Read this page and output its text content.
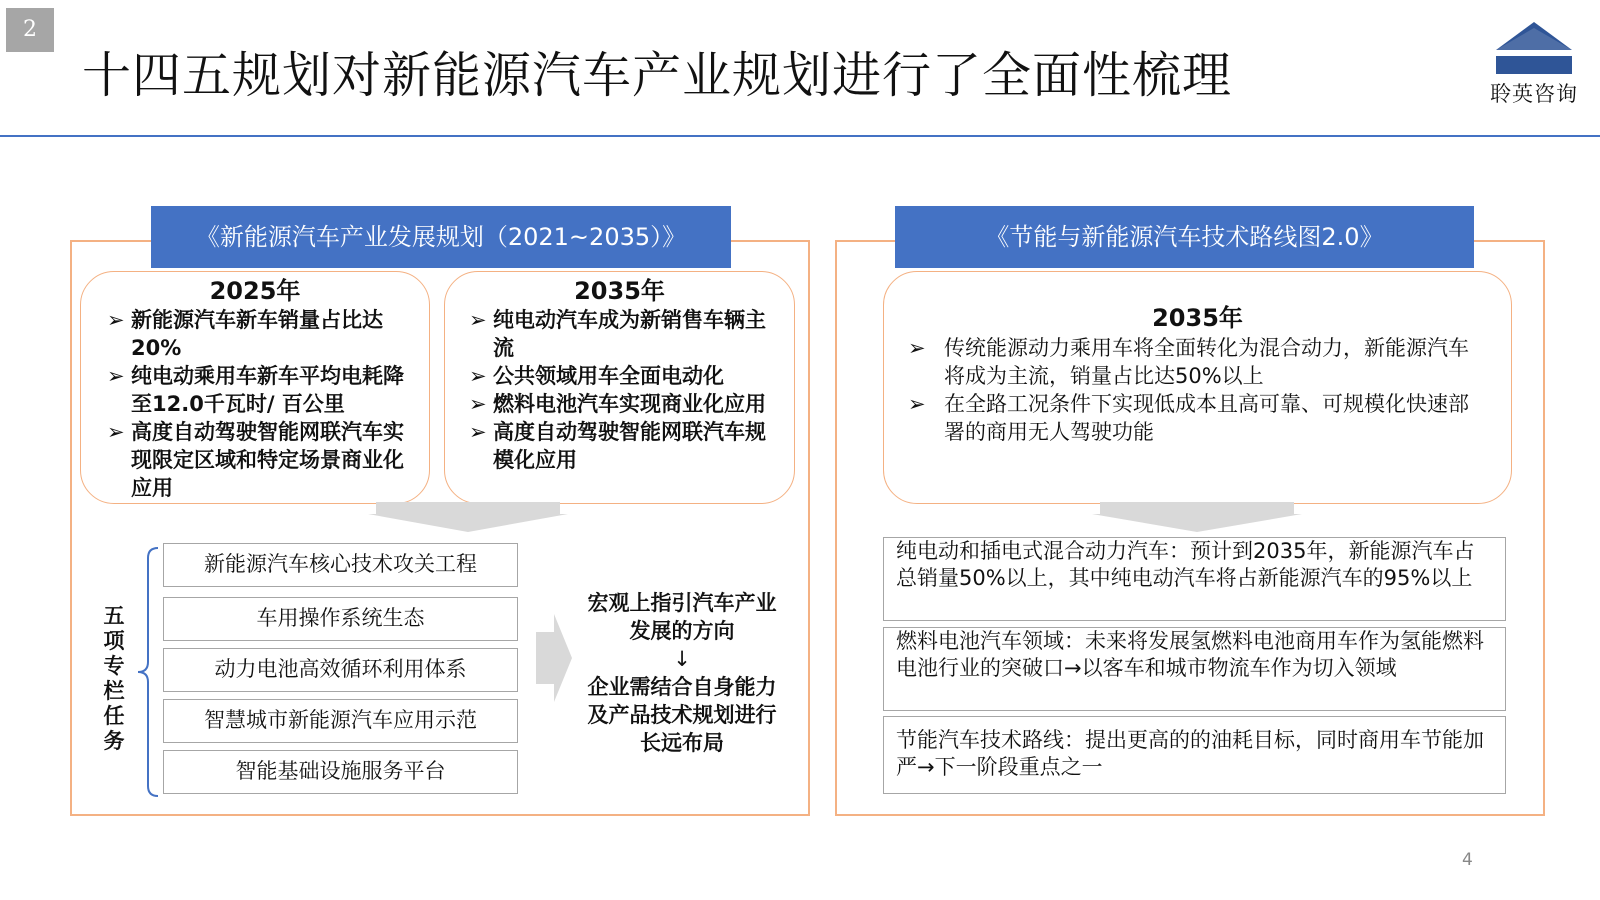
2
十四五规划对新能源汽车产业规划进行了全面性梳理	聆英咨询
《新能源汽车产业发展规划（2021~2035）》
2025年
➢ 新能源汽车新车销量占比达20%
➢ 纯电动乘用车新车平均电耗降至12.0千瓦时/ 百公里
➢ 高度自动驾驶智能网联汽车实现限定区域和特定场景商业化应用
2035年
➢ 纯电动汽车成为新销售车辆主流
➢ 公共领域用车全面电动化
➢ 燃料电池汽车实现商业化应用
➢ 高度自动驾驶智能网联汽车规模化应用
五项专栏任务
新能源汽车核心技术攻关工程
车用操作系统生态
动力电池高效循环利用体系
智慧城市新能源汽车应用示范
智能基础设施服务平台
宏观上指引汽车产业发展的方向
↓
企业需结合自身能力及产品技术规划进行长远布局
《节能与新能源汽车技术路线图2.0》
2035年
➢ 传统能源动力乘用车将全面转化为混合动力，新能源汽车将成为主流，销量占比达50%以上
➢ 在全路工况条件下实现低成本且高可靠、可规模化快速部署的商用无人驾驶功能
纯电动和插电式混合动力汽车：预计到2035年，新能源汽车占总销量50%以上，其中纯电动汽车将占新能源汽车的95%以上
燃料电池汽车领域：未来将发展氢燃料电池商用车作为氢能燃料电池行业的突破口→以客车和城市物流车作为切入领域
节能汽车技术路线：提出更高的的油耗目标，同时商用车节能加严→下一阶段重点之一
4
